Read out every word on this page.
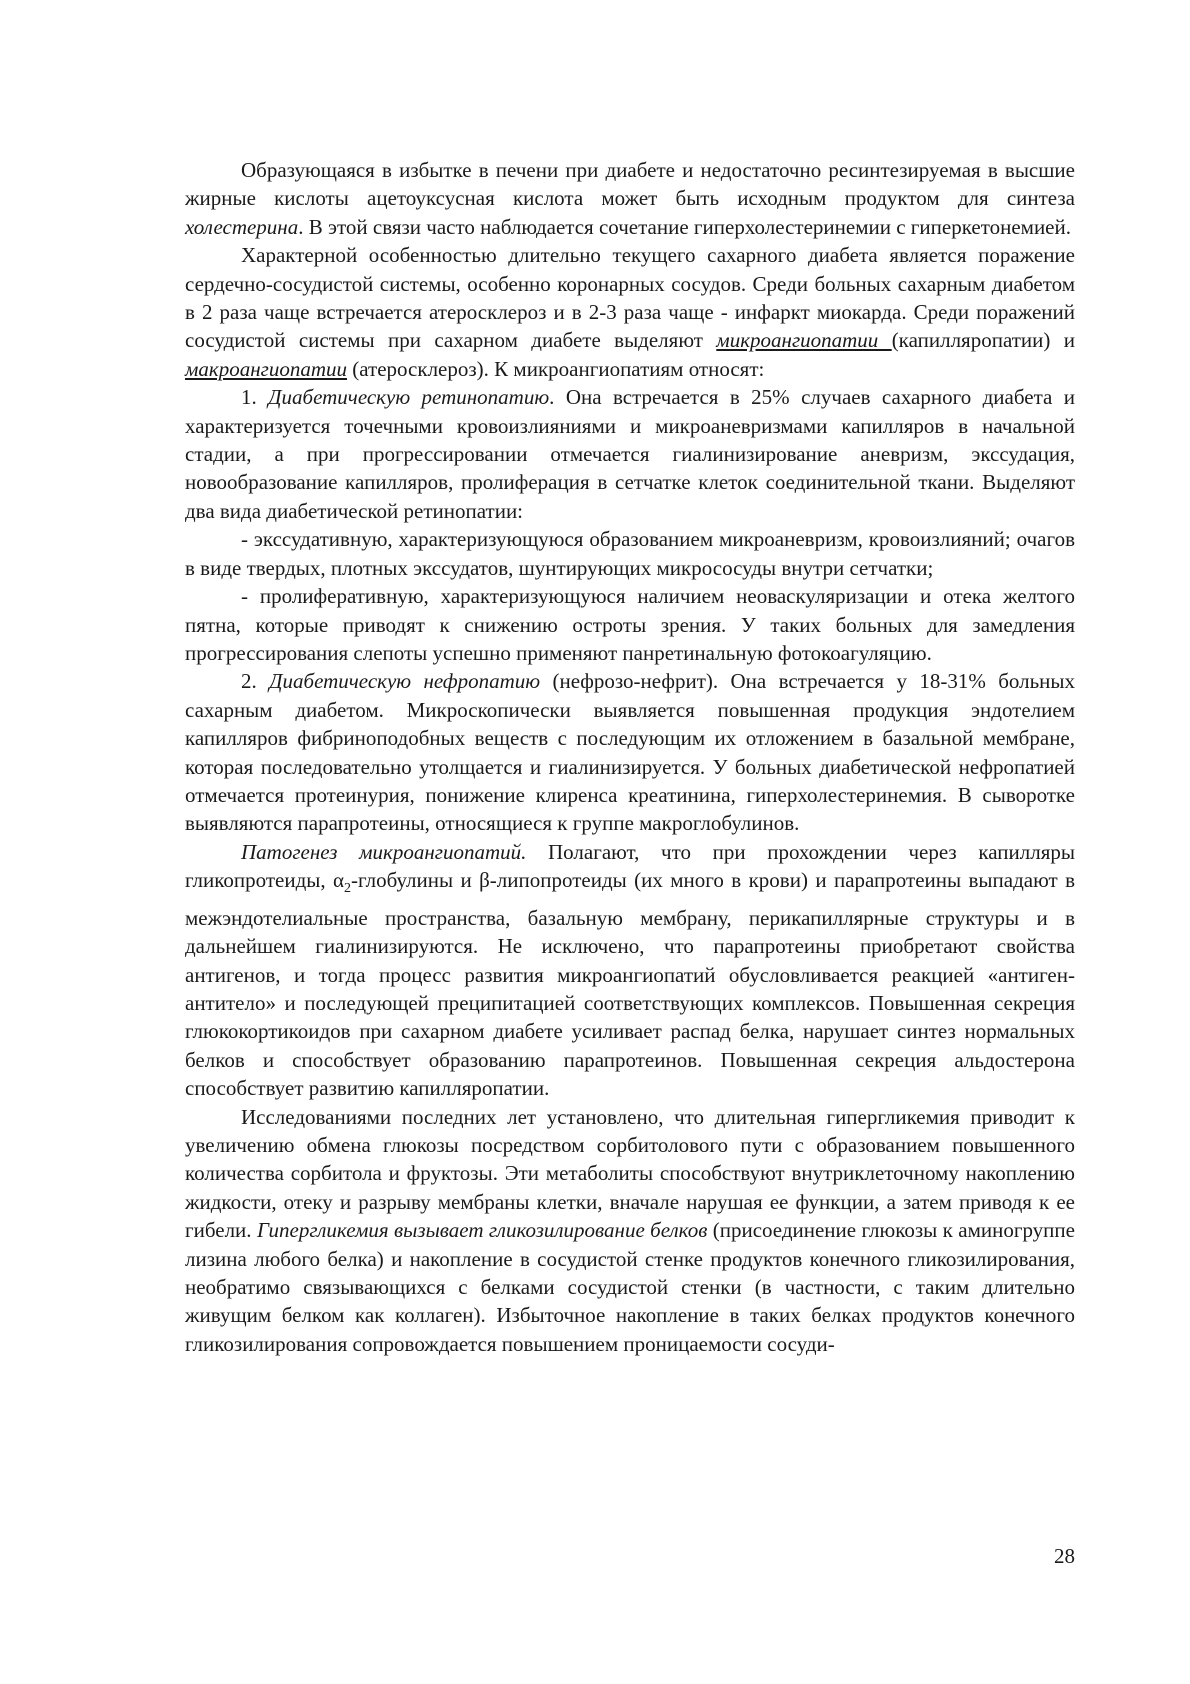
Образующаяся в избытке в печени при диабете и недостаточно ресинтезируемая в высшие жирные кислоты ацетоуксусная кислота может быть исходным продуктом для синтеза холестерина. В этой связи часто наблюдается сочетание гиперхолестеринемии с гиперкетонемией.

Характерной особенностью длительно текущего сахарного диабета является поражение сердечно-сосудистой системы, особенно коронарных сосудов. Среди больных сахарным диабетом в 2 раза чаще встречается атеросклероз и в 2-3 раза чаще - инфаркт миокарда. Среди поражений сосудистой системы при сахарном диабете выделяют микроангиопатии (капилляропатии) и макроангиопатии (атеросклероз). К микроангиопатиям относят:

1. Диабетическую ретинопатию. Она встречается в 25% случаев сахарного диабета и характеризуется точечными кровоизлияниями и микроаневризмами капилляров в начальной стадии, а при прогрессировании отмечается гиалинизирование аневризм, экссудация, новообразование капилляров, пролиферация в сетчатке клеток соединительной ткани. Выделяют два вида диабетической ретинопатии:

- экссудативную, характеризующуюся образованием микроаневризм, кровоизлияний; очагов в виде твердых, плотных экссудатов, шунтирующих микрососуды внутри сетчатки;

- пролиферативную, характеризующуюся наличием неоваскуляризации и отека желтого пятна, которые приводят к снижению остроты зрения. У таких больных для замедления прогрессирования слепоты успешно применяют панретинальную фотокоагуляцию.

2. Диабетическую нефропатию (нефрозо-нефрит). Она встречается у 18-31% больных сахарным диабетом. Микроскопически выявляется повышенная продукция эндотелием капилляров фибриноподобных веществ с последующим их отложением в базальной мембране, которая последовательно утолщается и гиалинизируется. У больных диабетической нефропатией отмечается протеинурия, понижение клиренса креатинина, гиперхолестеринемия. В сыворотке выявляются парапротеины, относящиеся к группе макроглобулинов.

Патогенез микроангиопатий. Полагают, что при прохождении через капилляры гликопротеиды, $\alpha_2$-глобулины и β-липопротеиды (их много в крови) и парапротеины выпадают в межэндотелиальные пространства, базальную мембрану, перикапиллярные структуры и в дальнейшем гиалинизируются. Не исключено, что парапротеины приобретают свойства антигенов, и тогда процесс развития микроангиопатий обусловливается реакцией «антиген-антитело» и последующей преципитацией соответствующих комплексов. Повышенная секреция глюкокортикоидов при сахарном диабете усиливает распад белка, нарушает синтез нормальных белков и способствует образованию парапротеинов. Повышенная секреция альдостерона способствует развитию капилляропатии.

Исследованиями последних лет установлено, что длительная гипергликемия приводит к увеличению обмена глюкозы посредством сорбитолового пути с образованием повышенного количества сорбитола и фруктозы. Эти метаболиты способствуют внутриклеточному накоплению жидкости, отеку и разрыву мембраны клетки, вначале нарушая ее функции, а затем приводя к ее гибели. Гипергликемия вызывает гликозилирование белков (присоединение глюкозы к аминогруппе лизина любого белка) и накопление в сосудистой стенке продуктов конечного гликозилирования, необратимо связывающихся с белками сосудистой стенки (в частности, с таким длительно живущим белком как коллаген). Избыточное накопление в таких белках продуктов конечного гликозилирования сопровождается повышением проницаемости сосуди-

28
